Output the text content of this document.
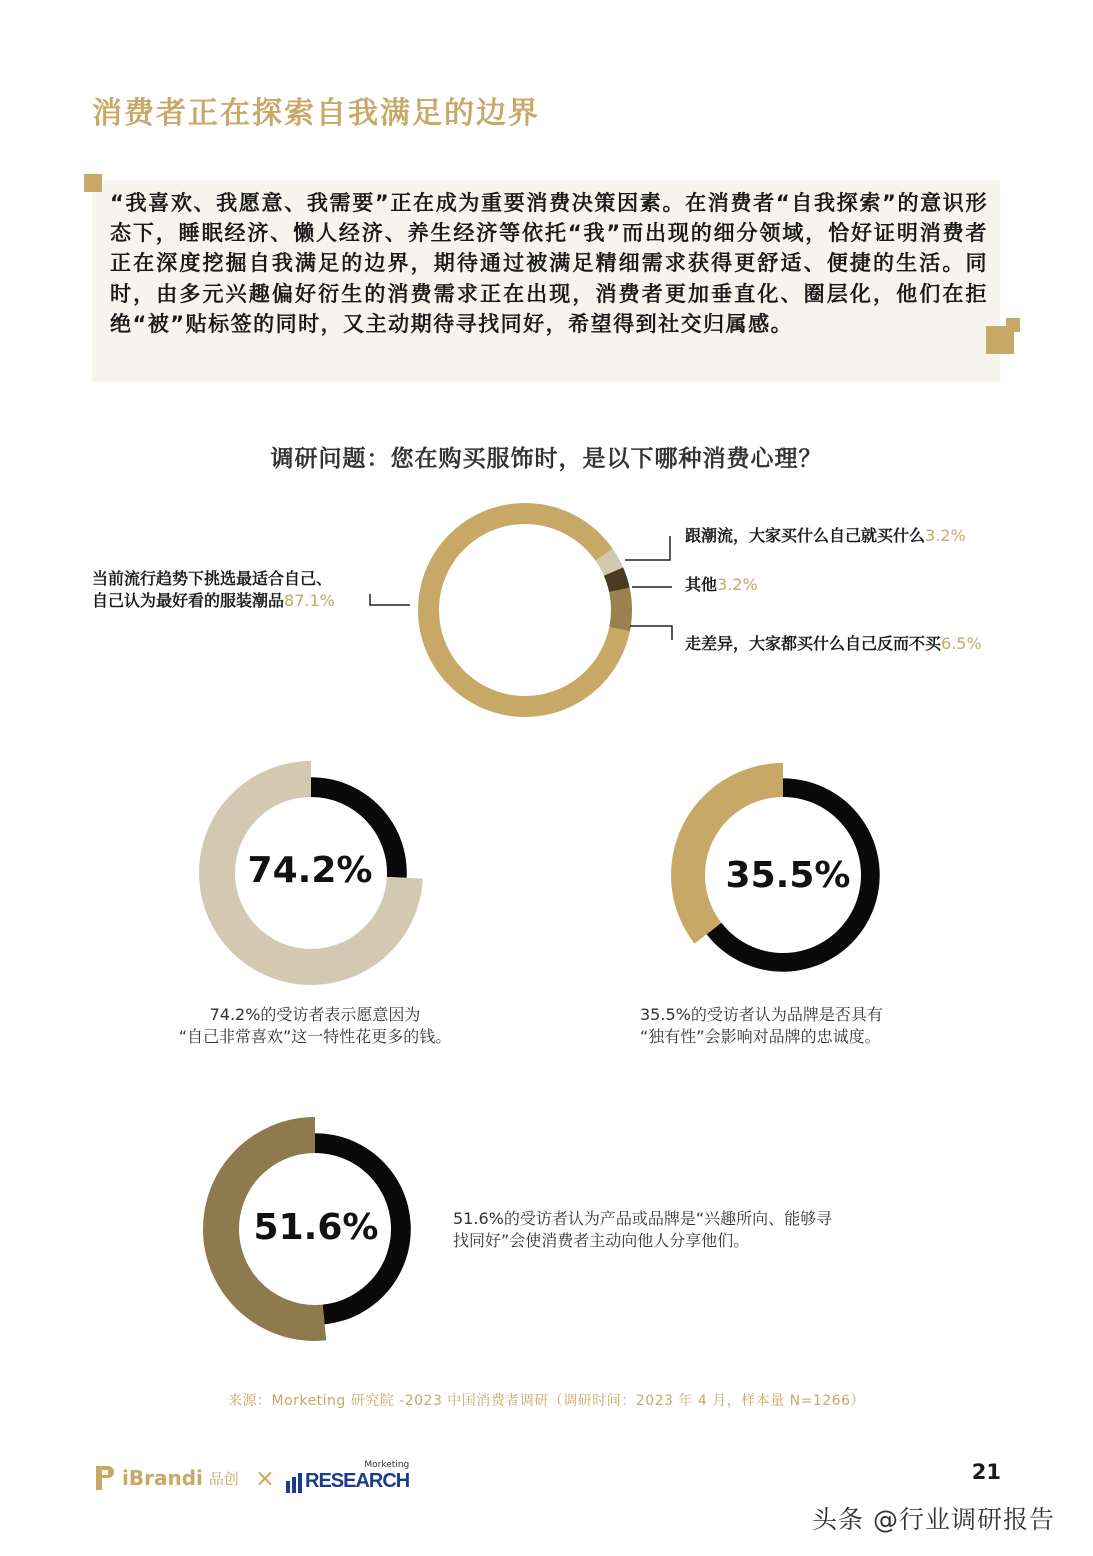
消费者正在探索自我满足的边界
“我喜欢、我愿意、我需要”正在成为重要消费决策因素。在消费者“自我探索”的意识形态下，睡眠经济、懒人经济、养生经济等依托“我”而出现的细分领域，恰好证明消费者正在深度挖掘自我满足的边界，期待通过被满足精细需求获得更舒适、便捷的生活。同时，由多元兴趣偏好衍生的消费需求正在出现，消费者更加垂直化、圈层化，他们在拒绝“被”贴标签的同时，又主动期待寻找同好，希望得到社交归属感。
调研问题：您在购买服饰时，是以下哪种消费心理？
当前流行趋势下挑选最适合自己、
自己认为最好看的服装潮品87.1%
跟潮流，大家买什么自己就买什么3.2%
其他3.2%
走差异，大家都买什么自己反而不买6.5%
74.2%
74.2%的受访者表示愿意因为
“自己非常喜欢”这一特性花更多的钱。
35.5%
35.5%的受访者认为品牌是否具有
“独有性”会影响对品牌的忠诚度。
51.6%	51.6%的受访者认为产品或品牌是“兴趣所向、能够寻
找同好”会使消费者主动向他人分享他们。
来源：Morketing 研究院 -2023 中国消费者调研（调研时间：2023 年 4 月，样本量 N=1266）
iBrandi 品创 ×	Morketing
RESEARCH	21
头条 @行业调研报告
